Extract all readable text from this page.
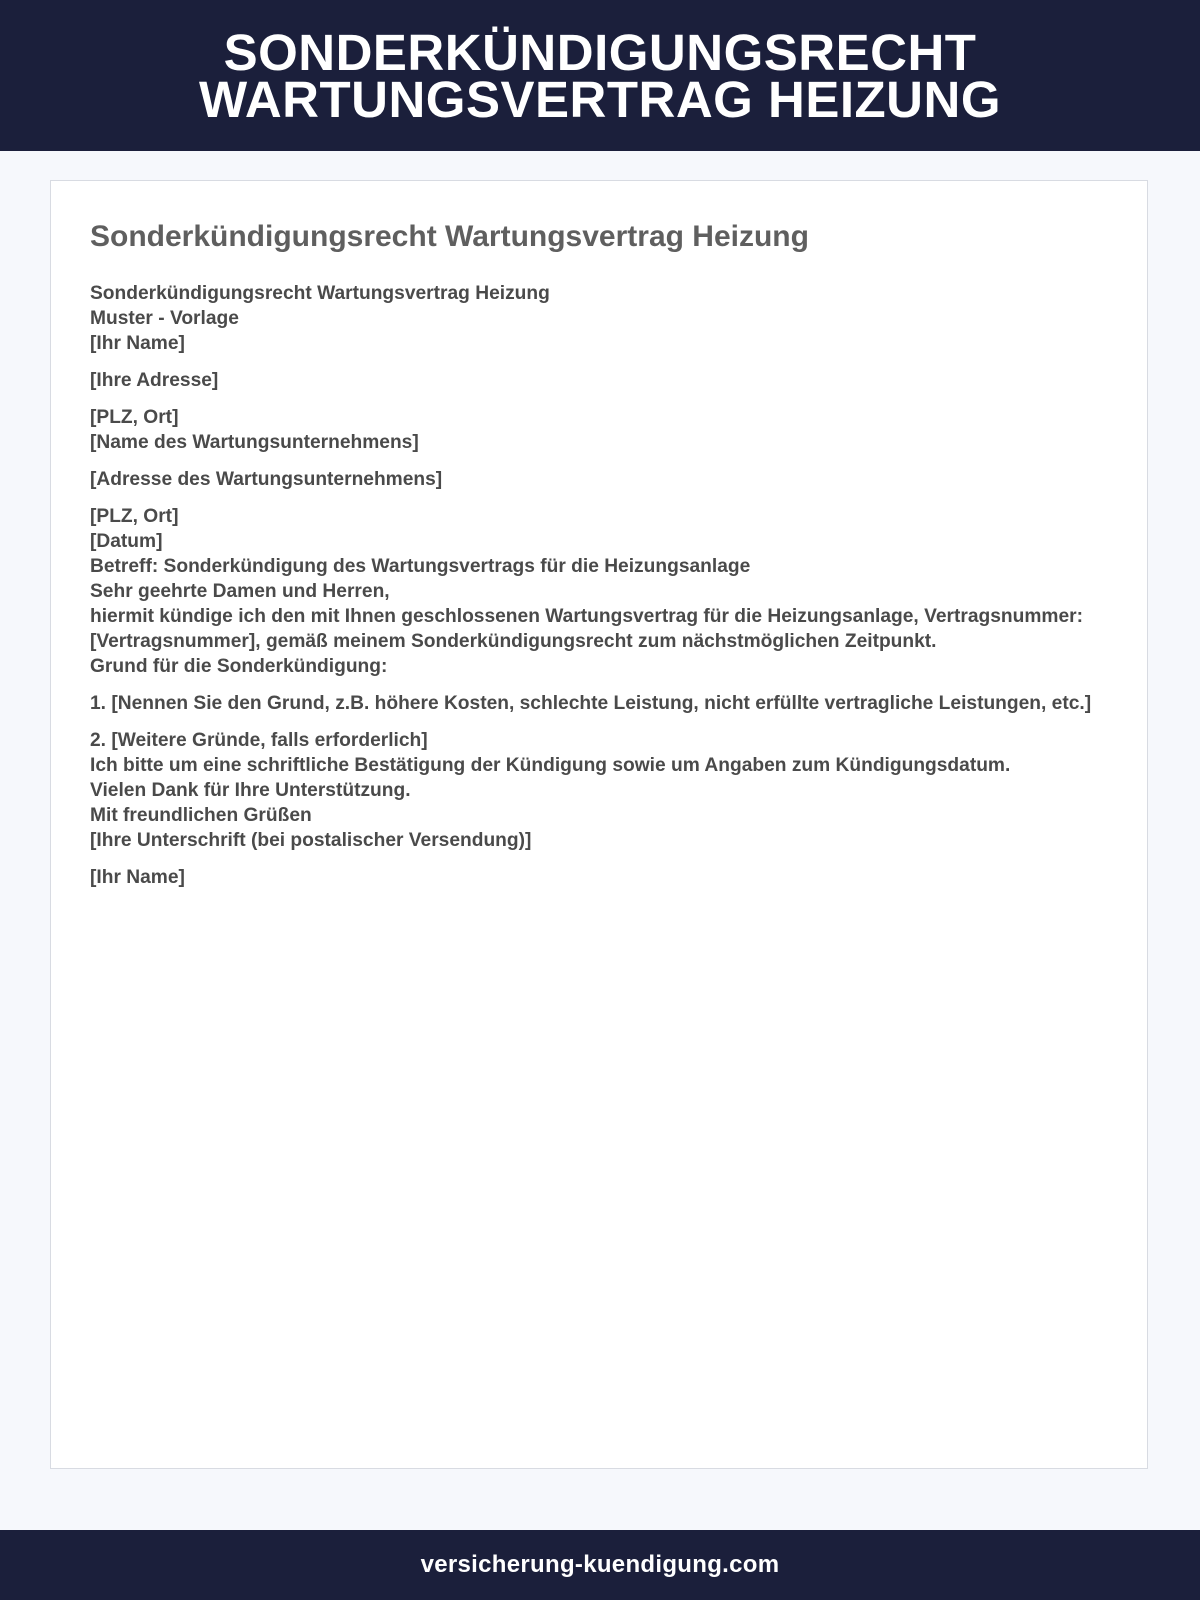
SONDERKÜNDIGUNGSRECHT
WARTUNGSVERTRAG HEIZUNG
Sonderkündigungsrecht Wartungsvertrag Heizung

Sonderkündigungsrecht Wartungsvertrag Heizung

Muster - Vorlage

[Ihr Name]

[Ihre Adresse]

[PLZ, Ort]

[Name des Wartungsunternehmens]

[Adresse des Wartungsunternehmens]

[PLZ, Ort]

[Datum]

Betreff: Sonderkündigung des Wartungsvertrags für die Heizungsanlage

Sehr geehrte Damen und Herren,

hiermit kündige ich den mit Ihnen geschlossenen Wartungsvertrag für die Heizungsanlage, Vertragsnummer: [Vertragsnummer], gemäß meinem Sonderkündigungsrecht zum nächstmöglichen Zeitpunkt.

Grund für die Sonderkündigung:

1. [Nennen Sie den Grund, z.B. höhere Kosten, schlechte Leistung, nicht erfüllte vertragliche Leistungen, etc.]

2. [Weitere Gründe, falls erforderlich]

Ich bitte um eine schriftliche Bestätigung der Kündigung sowie um Angaben zum Kündigungsdatum.

Vielen Dank für Ihre Unterstützung.

Mit freundlichen Grüßen

[Ihre Unterschrift (bei postalischer Versendung)]

[Ihr Name]

versicherung-kuendigung.com
